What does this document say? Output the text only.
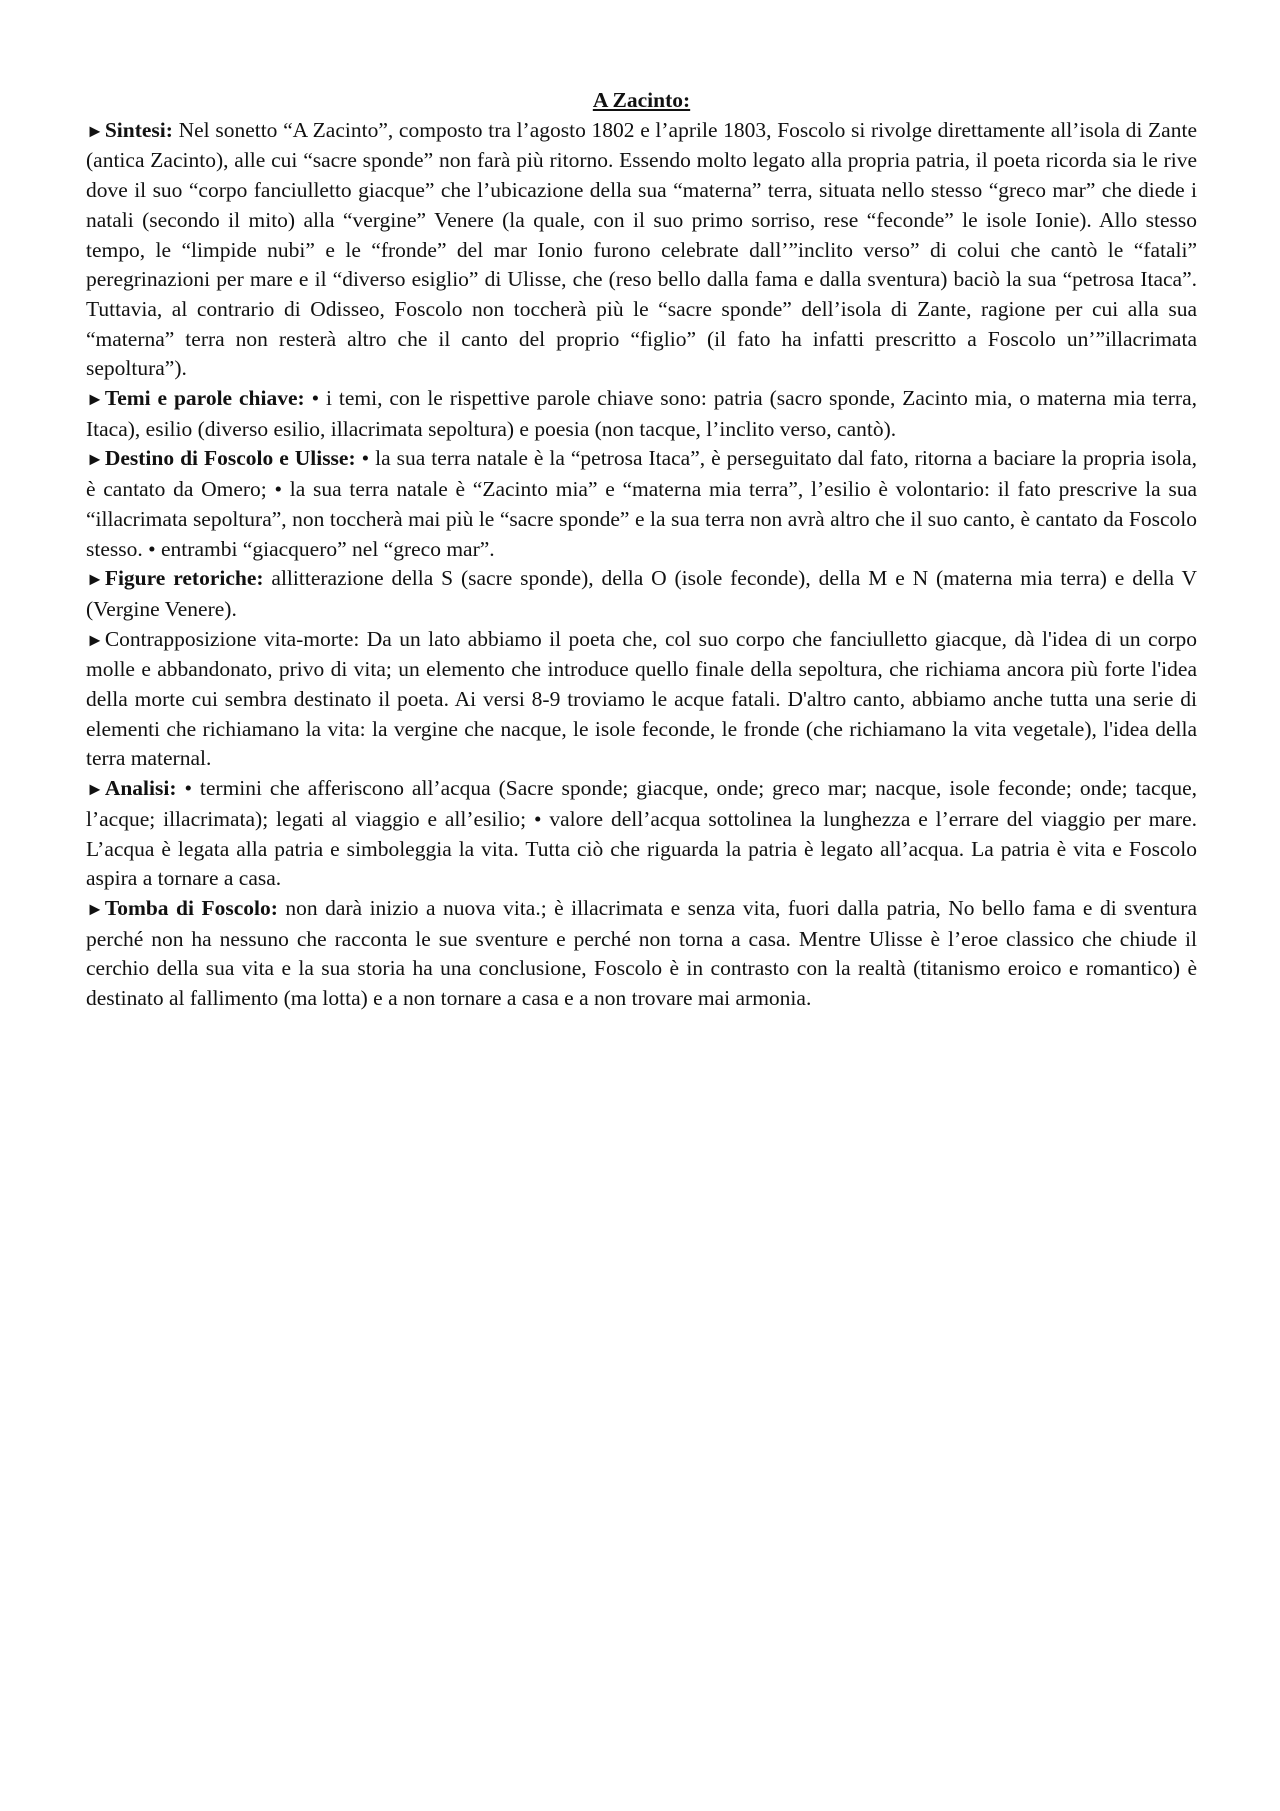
A Zacinto:

►Sintesi: Nel sonetto “A Zacinto”, composto tra l’agosto 1802 e l’aprile 1803, Foscolo si rivolge direttamente all’isola di Zante (antica Zacinto), alle cui “sacre sponde” non farà più ritorno. Essendo molto legato alla propria patria, il poeta ricorda sia le rive dove il suo “corpo fanciulletto giacque” che l’ubicazione della sua “materna” terra, situata nello stesso “greco mar” che diede i natali (secondo il mito) alla “vergine” Venere (la quale, con il suo primo sorriso, rese “feconde” le isole Ionie). Allo stesso tempo, le “limpide nubi” e le “fronde” del mar Ionio furono celebrate dall’”inclito verso” di colui che cantò le “fatali” peregrinazioni per mare e il “diverso esiglio” di Ulisse, che (reso bello dalla fama e dalla sventura) baciò la sua “petrosa Itaca”. Tuttavia, al contrario di Odisseo, Foscolo non toccherà più le “sacre sponde” dell’isola di Zante, ragione per cui alla sua “materna” terra non resterà altro che il canto del proprio “figlio” (il fato ha infatti prescritto a Foscolo un’”illacrimata sepoltura”).

►Temi e parole chiave: • i temi, con le rispettive parole chiave sono: patria (sacro sponde, Zacinto mia, o materna mia terra, Itaca), esilio (diverso esilio, illacrimata sepoltura) e poesia (non tacque, l’inclito verso, cantò).

►Destino di Foscolo e Ulisse: • la sua terra natale è la “petrosa Itaca”, è perseguitato dal fato, ritorna a baciare la propria isola, è cantato da Omero; • la sua terra natale è “Zacinto mia” e “materna mia terra”, l’esilio è volontario: il fato prescrive la sua “illacrimata sepoltura”, non toccherà mai più le “sacre sponde” e la sua terra non avrà altro che il suo canto, è cantato da Foscolo stesso. • entrambi “giacquero” nel “greco mar”.

►Figure retoriche: allitterazione della S (sacre sponde), della O (isole feconde), della M e N (materna mia terra) e della V (Vergine Venere).

►Contrapposizione vita-morte: Da un lato abbiamo il poeta che, col suo corpo che fanciulletto giacque, dà l'idea di un corpo molle e abbandonato, privo di vita; un elemento che introduce quello finale della sepoltura, che richiama ancora più forte l'idea della morte cui sembra destinato il poeta. Ai versi 8-9 troviamo le acque fatali. D'altro canto, abbiamo anche tutta una serie di elementi che richiamano la vita: la vergine che nacque, le isole feconde, le fronde (che richiamano la vita vegetale), l'idea della terra maternal.

►Analisi: • termini che afferiscono all’acqua (Sacre sponde; giacque, onde; greco mar; nacque, isole feconde; onde; tacque, l’acque; illacrimata); legati al viaggio e all’esilio; • valore dell’acqua sottolinea la lunghezza e l’errare del viaggio per mare. L’acqua è legata alla patria e simboleggia la vita. Tutta ciò che riguarda la patria è legato all’acqua. La patria è vita e Foscolo aspira a tornare a casa.

►Tomba di Foscolo: non darà inizio a nuova vita.; è illacrimata e senza vita, fuori dalla patria, No bello fama e di sventura perché non ha nessuno che racconta le sue sventure e perché non torna a casa. Mentre Ulisse è l’eroe classico che chiude il cerchio della sua vita e la sua storia ha una conclusione, Foscolo è in contrasto con la realtà (titanismo eroico e romantico) è destinato al fallimento (ma lotta) e a non tornare a casa e a non trovare mai armonia.
